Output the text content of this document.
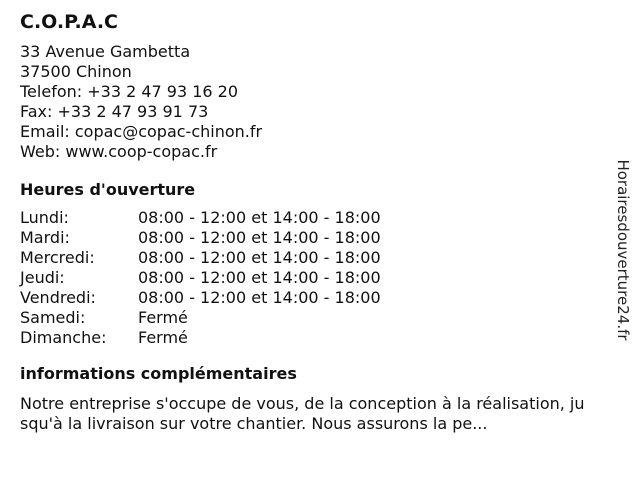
C.O.P.A.C
33 Avenue Gambetta
37500 Chinon
Telefon: +33 2 47 93 16 20
Fax: +33 2 47 93 91 73
Email: copac@copac-chinon.fr
Web: www.coop-copac.fr
Heures d'ouverture
Lundi:	08:00 - 12:00 et 14:00 - 18:00
Mardi:	08:00 - 12:00 et 14:00 - 18:00
Mercredi:	08:00 - 12:00 et 14:00 - 18:00
Jeudi:	08:00 - 12:00 et 14:00 - 18:00
Vendredi:	08:00 - 12:00 et 14:00 - 18:00
Samedi:	Fermé
Dimanche:	Fermé
informations complémentaires
Notre entreprise s'occupe de vous, de la conception à la réalisation, jusqu'à la livraison sur votre chantier. Nous assurons la pe...
Horairesdouverture24.fr
